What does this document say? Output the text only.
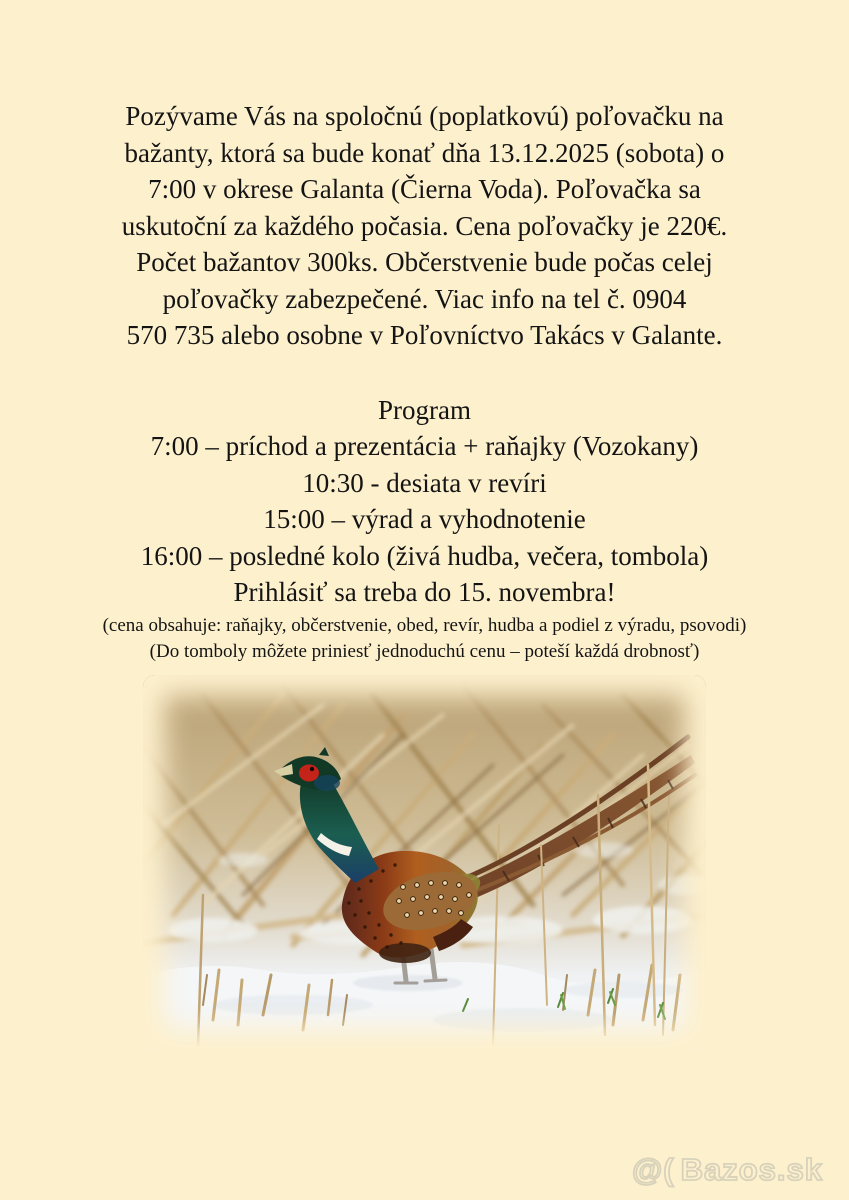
Pozývame Vás na spoločnú (poplatkovú) poľovačku na
bažanty, ktorá sa bude konať dňa 13.12.2025 (sobota) o
7:00 v okrese Galanta (Čierna Voda). Poľovačka sa
uskutoční za každého počasia. Cena poľovačky je 220€.
Počet bažantov 300ks. Občerstvenie bude počas celej
poľovačky zabezpečené. Viac info na tel č. 0904
570 735 alebo osobne v Poľovníctvo Takács v Galante.
Program
7:00 – príchod a prezentácia + raňajky (Vozokany)
10:30 - desiata v revíri
15:00 – výrad a vyhodnotenie
16:00 – posledné kolo (živá hudba, večera, tombola)
Prihlásiť sa treba do 15. novembra!
(cena obsahuje: raňajky, občerstvenie, obed, revír, hudba a podiel z výradu, psovodi)
(Do tomboly môžete priniesť jednoduchú cenu – poteší každá drobnosť)
@( Bazos.sk
